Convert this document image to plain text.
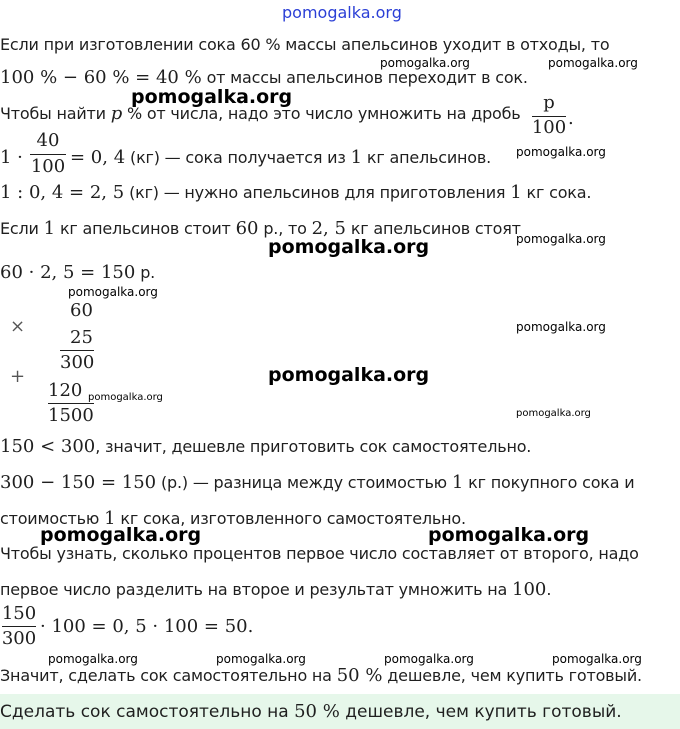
pomogalka.org
Если при изготовлении сока 60 % массы апельсинов уходит в отходы, то
100 % − 60 % = 40 % от массы апельсинов переходит в сок.
Чтобы найти p % от числа, надо это число умножить на дробь
p
100 .
1 ·
40
100 = 0, 4 (кг) — сока получается из 1 кг апельсинов.
1 : 0, 4 = 2, 5 (кг) — нужно апельсинов для приготовления 1 кг сока.
Если 1 кг апельсинов стоит 60 р., то 2, 5 кг апельсинов стоят
60 · 2, 5 = 150 р.
×
60
25
300
+
120
1500
150 < 300, значит, дешевле приготовить сок самостоятельно.
300 − 150 = 150 (р.) — разница между стоимостью 1 кг покупного сока и
стоимостью 1 кг сока, изготовленного самостоятельно.
Чтобы узнать, сколько процентов первое число составляет от второго, надо
первое число разделить на второе и результат умножить на 100.
150
300
· 100 = 0, 5 · 100 = 50.
Значит, сделать сок самостоятельно на 50 % дешевле, чем купить готовый.
Сделать сок самостоятельно на 50 % дешевле, чем купить готовый.
pomogalka.org	pomogalka.org
pomogalka.org
pomogalka.org
pomogalka.org
pomogalka.org
pomogalka.org
pomogalka.org
pomogalka.org
pomogalka.org
pomogalka.org
pomogalka.org	pomogalka.org
pomogalka.org	pomogalka.org	pomogalka.org	pomogalka.org
